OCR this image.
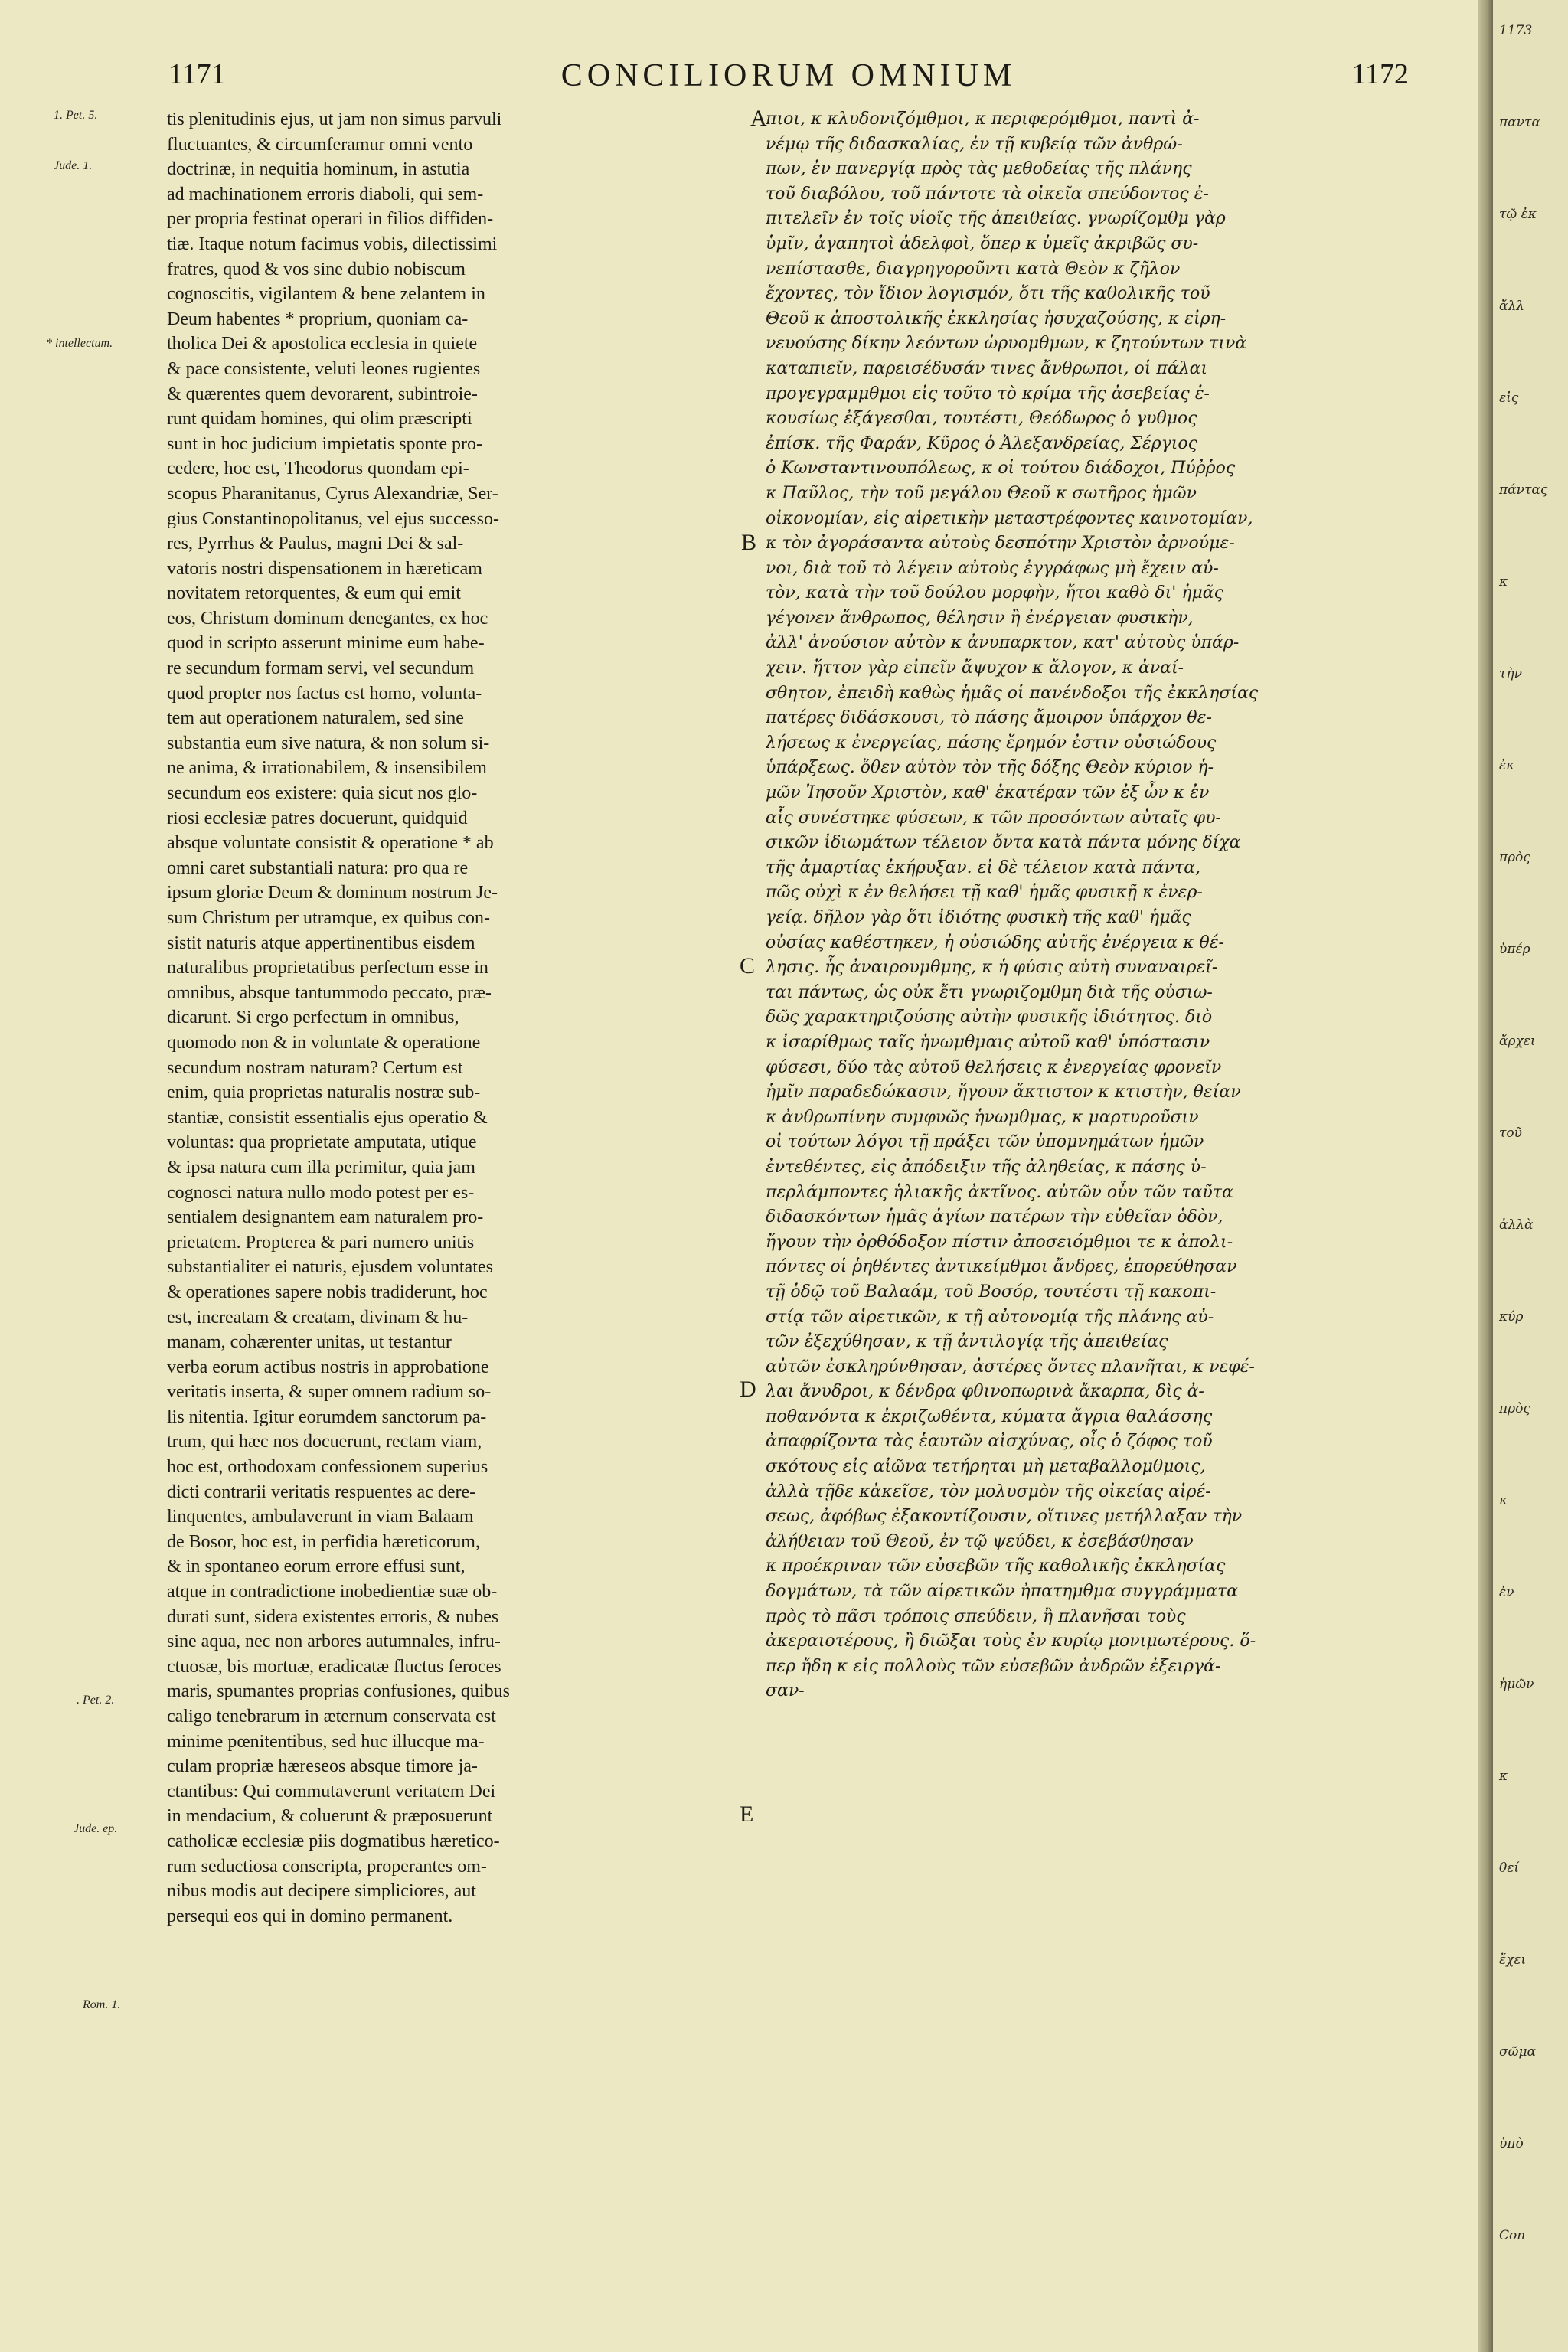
1171	CONCILIORUM OMNIUM	1172
1. Pet. 5.
Jude. 1.
* intellectum.
. Pet. 2.
Jude. ep.
Rom. 1.
A
B
C
D
E
tis plenitudinis ejus, ut jam non simus parvuli
fluctuantes, & circumferamur omni vento
doctrinæ, in nequitia hominum, in astutia
ad machinationem erroris diaboli, qui sem-
per propria festinat operari in filios diffiden-
tiæ. Itaque notum facimus vobis, dilectissimi
fratres, quod & vos sine dubio nobiscum
cognoscitis, vigilantem & bene zelantem in
Deum habentes * proprium, quoniam ca-
tholica Dei & apostolica ecclesia in quiete
& pace consistente, veluti leones rugientes
& quærentes quem devorarent, subintroie-
runt quidam homines, qui olim præscripti
sunt in hoc judicium impietatis sponte pro-
cedere, hoc est, Theodorus quondam epi-
scopus Pharanitanus, Cyrus Alexandriæ, Ser-
gius Constantinopolitanus, vel ejus successo-
res, Pyrrhus & Paulus, magni Dei & sal-
vatoris nostri dispensationem in hæreticam
novitatem retorquentes, & eum qui emit
eos, Christum dominum denegantes, ex hoc
quod in scripto asserunt minime eum habe-
re secundum formam servi, vel secundum
quod propter nos factus est homo, volunta-
tem aut operationem naturalem, sed sine
substantia eum sive natura, & non solum si-
ne anima, & irrationabilem, & insensibilem
secundum eos existere: quia sicut nos glo-
riosi ecclesiæ patres docuerunt, quidquid
absque voluntate consistit & operatione * ab
omni caret substantiali natura: pro qua re
ipsum gloriæ Deum & dominum nostrum Je-
sum Christum per utramque, ex quibus con-
sistit naturis atque appertinentibus eisdem
naturalibus proprietatibus perfectum esse in
omnibus, absque tantummodo peccato, præ-
dicarunt. Si ergo perfectum in omnibus,
quomodo non & in voluntate & operatione
secundum nostram naturam? Certum est
enim, quia proprietas naturalis nostræ sub-
stantiæ, consistit essentialis ejus operatio &
voluntas: qua proprietate amputata, utique
& ipsa natura cum illa perimitur, quia jam
cognosci natura nullo modo potest per es-
sentialem designantem eam naturalem pro-
prietatem. Propterea & pari numero unitis
substantialiter ei naturis, ejusdem voluntates
& operationes sapere nobis tradiderunt, hoc
est, increatam & creatam, divinam & hu-
manam, cohærenter unitas, ut testantur
verba eorum actibus nostris in approbatione
veritatis inserta, & super omnem radium so-
lis nitentia. Igitur eorumdem sanctorum pa-
trum, qui hæc nos docuerunt, rectam viam,
hoc est, orthodoxam confessionem superius
dicti contrarii veritatis respuentes ac dere-
linquentes, ambulaverunt in viam Balaam
de Bosor, hoc est, in perfidia hæreticorum,
& in spontaneo eorum errore effusi sunt,
atque in contradictione inobedientiæ suæ ob-
durati sunt, sidera existentes erroris, & nubes
sine aqua, nec non arbores autumnales, infru-
ctuosæ, bis mortuæ, eradicatæ fluctus feroces
maris, spumantes proprias confusiones, quibus
caligo tenebrarum in æternum conservata est
minime pœnitentibus, sed huc illucque ma-
culam propriæ hæreseos absque timore ja-
ctantibus: Qui commutaverunt veritatem Dei
in mendacium, & coluerunt & præposuerunt
catholicæ ecclesiæ piis dogmatibus hæretico-
rum seductiosa conscripta, properantes om-
nibus modis aut decipere simpliciores, aut
persequi eos qui in domino permanent.
πιοι, κ κλυδονιζόμθμοι, κ περιφερόμθμοι, παντὶ ἀ-
νέμῳ τῆς διδασκαλίας, ἐν τῇ κυβείᾳ τῶν ἀνθρώ-
πων, ἐν πανεργίᾳ πρὸς τὰς μεθοδείας τῆς πλάνης
τοῦ διαβόλου, τοῦ πάντοτε τὰ οἰκεῖα σπεύδοντος ἐ-
πιτελεῖν ἐν τοῖς υἱοῖς τῆς ἀπειθείας. γνωρίζομθμ γὰρ
ὑμῖν, ἀγαπητοὶ ἀδελφοὶ, ὅπερ κ ὑμεῖς ἀκριβῶς συ-
νεπίστασθε, διαγρηγοροῦντι κατὰ Θεὸν κ ζῆλον
ἔχοντες, τὸν ἴδιον λογισμόν, ὅτι τῆς καθολικῆς τοῦ
Θεοῦ κ ἀποστολικῆς ἐκκλησίας ἡσυχαζούσης, κ εἰρη-
νευούσης δίκην λεόντων ὠρυομθμων, κ ζητούντων τινὰ
καταπιεῖν, παρεισέδυσάν τινες ἄνθρωποι, οἱ πάλαι
προγεγραμμθμοι εἰς τοῦτο τὸ κρίμα τῆς ἀσεβείας ἑ-
κουσίως ἐξάγεσθαι, τουτέστι, Θεόδωρος ὁ γυθμος
ἐπίσκ. τῆς Φαράν, Κῦρος ὁ Ἀλεξανδρείας, Σέργιος
ὁ Κωνσταντινουπόλεως, κ οἱ τούτου διάδοχοι, Πύῤῥος
κ Παῦλος, τὴν τοῦ μεγάλου Θεοῦ κ σωτῆρος ἡμῶν
οἰκονομίαν, εἰς αἱρετικὴν μεταστρέφοντες καινοτομίαν,
κ τὸν ἀγοράσαντα αὐτοὺς δεσπότην Χριστὸν ἀρνούμε-
νοι, διὰ τοῦ τὸ λέγειν αὐτοὺς ἐγγράφως μὴ ἔχειν αὐ-
τὸν, κατὰ τὴν τοῦ δούλου μορφὴν, ἤτοι καθὸ δι' ἡμᾶς
γέγονεν ἄνθρωπος, θέλησιν ἢ ἐνέργειαν φυσικὴν,
ἀλλ' ἀνούσιον αὐτὸν κ ἀνυπαρκτον, κατ' αὐτοὺς ὑπάρ-
χειν. ἥττον γὰρ εἰπεῖν ἄψυχον κ ἄλογον, κ ἀναί-
σθητον, ἐπειδὴ καθὼς ἡμᾶς οἱ πανένδοξοι τῆς ἐκκλησίας
πατέρες διδάσκουσι, τὸ πάσης ἄμοιρον ὑπάρχον θε-
λήσεως κ ἐνεργείας, πάσης ἔρημόν ἐστιν οὐσιώδους
ὑπάρξεως. ὅθεν αὐτὸν τὸν τῆς δόξης Θεὸν κύριον ἡ-
μῶν Ἰησοῦν Χριστὸν, καθ' ἑκατέραν τῶν ἐξ ὧν κ ἐν
αἷς συνέστηκε φύσεων, κ τῶν προσόντων αὐταῖς φυ-
σικῶν ἰδιωμάτων τέλειον ὄντα κατὰ πάντα μόνης δίχα
τῆς ἁμαρτίας ἐκήρυξαν. εἰ δὲ τέλειον κατὰ πάντα,
πῶς οὐχὶ κ ἐν θελήσει τῇ καθ' ἡμᾶς φυσικῇ κ ἐνερ-
γείᾳ. δῆλον γὰρ ὅτι ἰδιότης φυσικὴ τῆς καθ' ἡμᾶς
οὐσίας καθέστηκεν, ἡ οὐσιώδης αὐτῆς ἐνέργεια κ θέ-
λησις. ἧς ἀναιρουμθμης, κ ἡ φύσις αὐτὴ συναναιρεῖ-
ται πάντως, ὡς οὐκ ἔτι γνωριζομθμη διὰ τῆς οὐσιω-
δῶς χαρακτηριζούσης αὐτὴν φυσικῆς ἰδιότητος. διὸ
κ ἰσαρίθμως ταῖς ἡνωμθμαις αὐτοῦ καθ' ὑπόστασιν
φύσεσι, δύο τὰς αὐτοῦ θελήσεις κ ἐνεργείας φρονεῖν
ἡμῖν παραδεδώκασιν, ἤγουν ἄκτιστον κ κτιστὴν, θείαν
κ ἀνθρωπίνην συμφυῶς ἡνωμθμας, κ μαρτυροῦσιν
οἱ τούτων λόγοι τῇ πράξει τῶν ὑπομνημάτων ἡμῶν
ἐντεθέντες, εἰς ἀπόδειξιν τῆς ἀληθείας, κ πάσης ὑ-
περλάμποντες ἡλιακῆς ἀκτῖνος. αὐτῶν οὖν τῶν ταῦτα
διδασκόντων ἡμᾶς ἁγίων πατέρων τὴν εὐθεῖαν ὁδὸν,
ἤγουν τὴν ὀρθόδοξον πίστιν ἀποσειόμθμοι τε κ ἀπολι-
πόντες οἱ ῥηθέντες ἀντικείμθμοι ἄνδρες, ἐπορεύθησαν
τῇ ὁδῷ τοῦ Βαλαάμ, τοῦ Βοσόρ, τουτέστι τῇ κακοπι-
στίᾳ τῶν αἱρετικῶν, κ τῇ αὐτονομίᾳ τῆς πλάνης αὐ-
τῶν ἐξεχύθησαν, κ τῇ ἀντιλογίᾳ τῆς ἀπειθείας
αὐτῶν ἐσκληρύνθησαν, ἀστέρες ὄντες πλανῆται, κ νεφέ-
λαι ἄνυδροι, κ δένδρα φθινοπωρινὰ ἄκαρπα, δὶς ἀ-
ποθανόντα κ ἐκριζωθέντα, κύματα ἄγρια θαλάσσης
ἀπαφρίζοντα τὰς ἑαυτῶν αἰσχύνας, οἷς ὁ ζόφος τοῦ
σκότους εἰς αἰῶνα τετήρηται μὴ μεταβαλλομθμοις,
ἀλλὰ τῇδε κἀκεῖσε, τὸν μολυσμὸν τῆς οἰκείας αἱρέ-
σεως, ἀφόβως ἐξακοντίζουσιν, οἵτινες μετήλλαξαν τὴν
ἀλήθειαν τοῦ Θεοῦ, ἐν τῷ ψεύδει, κ ἐσεβάσθησαν
κ προέκριναν τῶν εὐσεβῶν τῆς καθολικῆς ἐκκλησίας
δογμάτων, τὰ τῶν αἱρετικῶν ἠπατημθμα συγγράμματα
πρὸς τὸ πᾶσι τρόποις σπεύδειν, ἢ πλανῆσαι τοὺς
ἀκεραιοτέρους, ἢ διῶξαι τοὺς ἐν κυρίῳ μονιμωτέρους. ὅ-
περ ἤδη κ εἰς πολλοὺς τῶν εὐσεβῶν ἀνδρῶν ἐξειργά-
σαν-
1173
παντα
τῷ ἐκ
ἄλλ
εἰς
πάντας
κ
τὴν
ἐκ
πρὸς
ὑπέρ
ἄρχει
τοῦ
ἀλλὰ
κύρ
πρὸς
κ
ἐν
ἡμῶν
κ
θεί
ἔχει
σῶμα
ὑπὸ
Con
